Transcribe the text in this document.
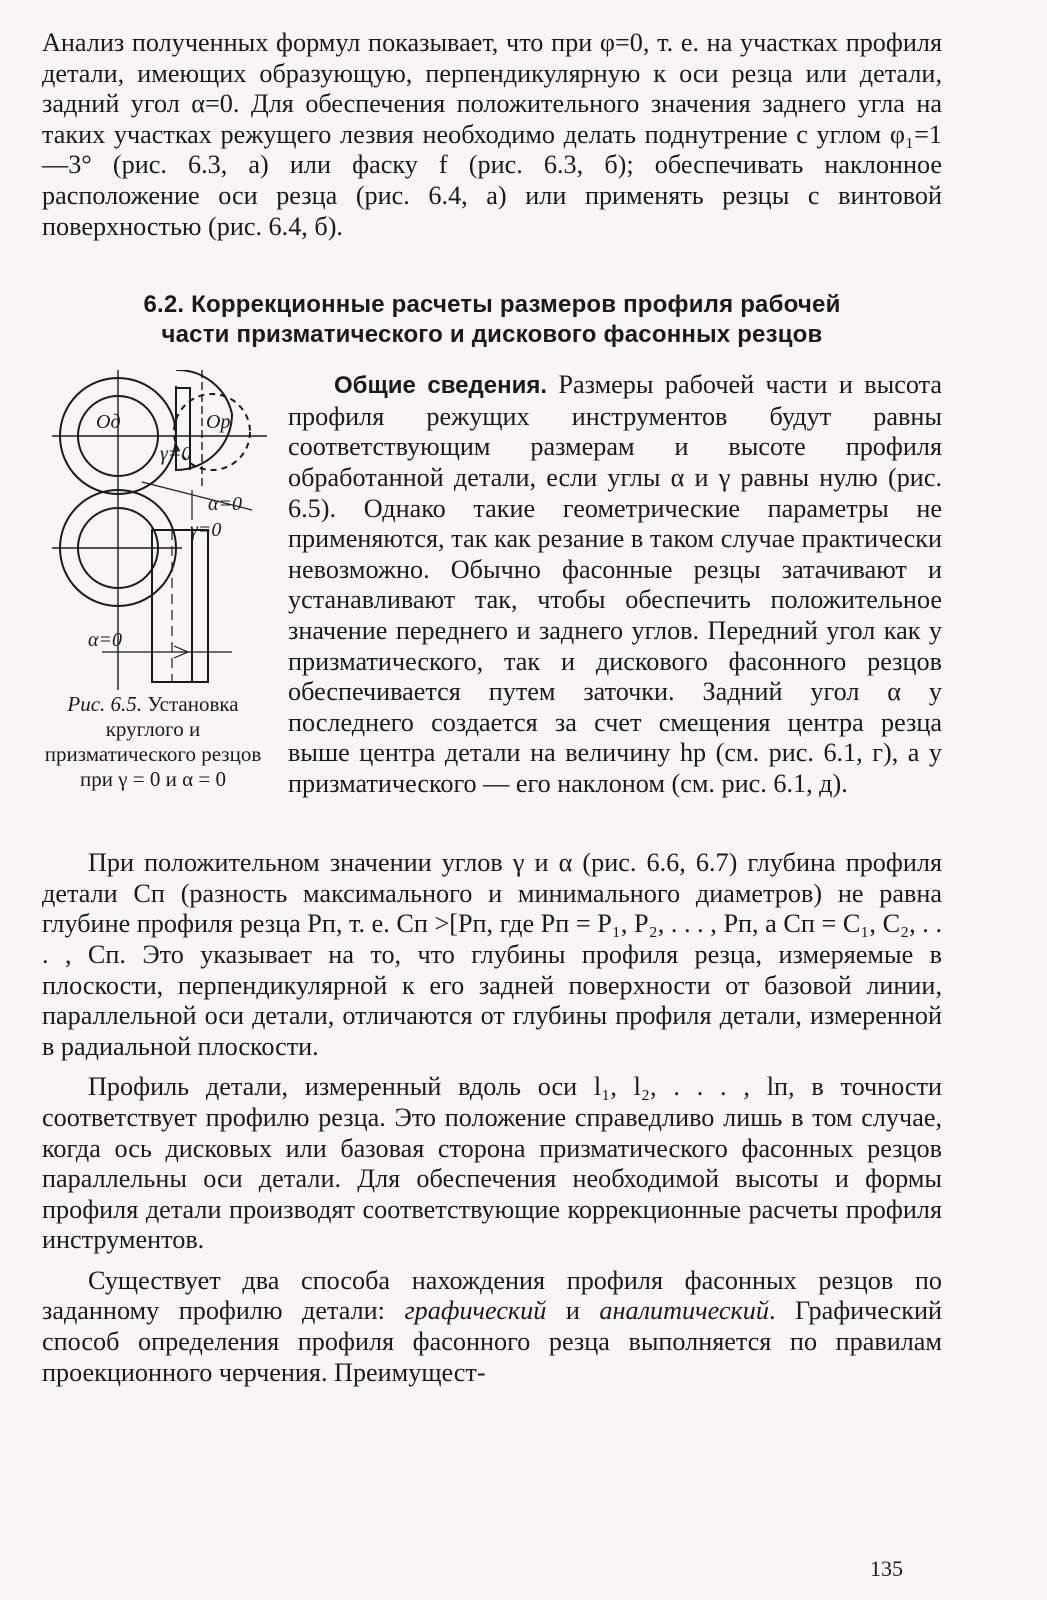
Анализ полученных формул показывает, что при φ=0, т. е. на участках профиля детали, имеющих образующую, перпендикулярную к оси резца или детали, задний угол α=0. Для обеспечения положительного значения заднего угла на таких участках режущего лезвия необходимо делать поднутрение с углом φ₁=1—3° (рис. 6.3, а) или фаску f (рис. 6.3, б); обеспечивать наклонное расположение оси резца (рис. 6.4, а) или применять резцы с винтовой поверхностью (рис. 6.4, б).

6.2. Коррекционные расчеты размеров профиля рабочей
части призматического и дискового фасонных резцов
Oд	Oр
γ=0
α=0
γ=0
α=0
Рис. 6.5. Установка круглого и призматического резцов при γ = 0 и α = 0

Общие сведения. Размеры рабочей части и высота профиля режущих инструментов будут равны соответствующим размерам и высоте профиля обработанной детали, если углы α и γ равны нулю (рис. 6.5). Однако такие геометрические параметры не применяются, так как резание в таком случае практически невозможно. Обычно фасонные резцы затачивают и устанавливают так, чтобы обеспечить положительное значение переднего и заднего углов. Передний угол как у призматического, так и дискового фасонного резцов обеспечивается путем заточки. Задний угол α у последнего создается за счет смещения центра резца выше центра детали на величину hр (см. рис. 6.1, г), а у призматического — его наклоном (см. рис. 6.1, д).

При положительном значении углов γ и α (рис. 6.6, 6.7) глубина профиля детали Cп (разность максимального и минимального диаметров) не равна глубине профиля резца Pп, т. е. Cп >[Pп, где Pп = P₁, P₂, . . . , Pп, а Cп = C₁, C₂, . . . , Cп. Это указывает на то, что глубины профиля резца, измеряемые в плоскости, перпендикулярной к его задней поверхности от базовой линии, параллельной оси детали, отличаются от глубины профиля детали, измеренной в радиальной плоскости.

Профиль детали, измеренный вдоль оси l₁, l₂, . . . , lп, в точности соответствует профилю резца. Это положение справедливо лишь в том случае, когда ось дисковых или базовая сторона призматического фасонных резцов параллельны оси детали. Для обеспечения необходимой высоты и формы профиля детали производят соответствующие коррекционные расчеты профиля инструментов.

Существует два способа нахождения профиля фасонных резцов по заданному профилю детали: графический и аналитический. Графический способ определения профиля фасонного резца выполняется по правилам проекционного черчения. Преимущест-

135
